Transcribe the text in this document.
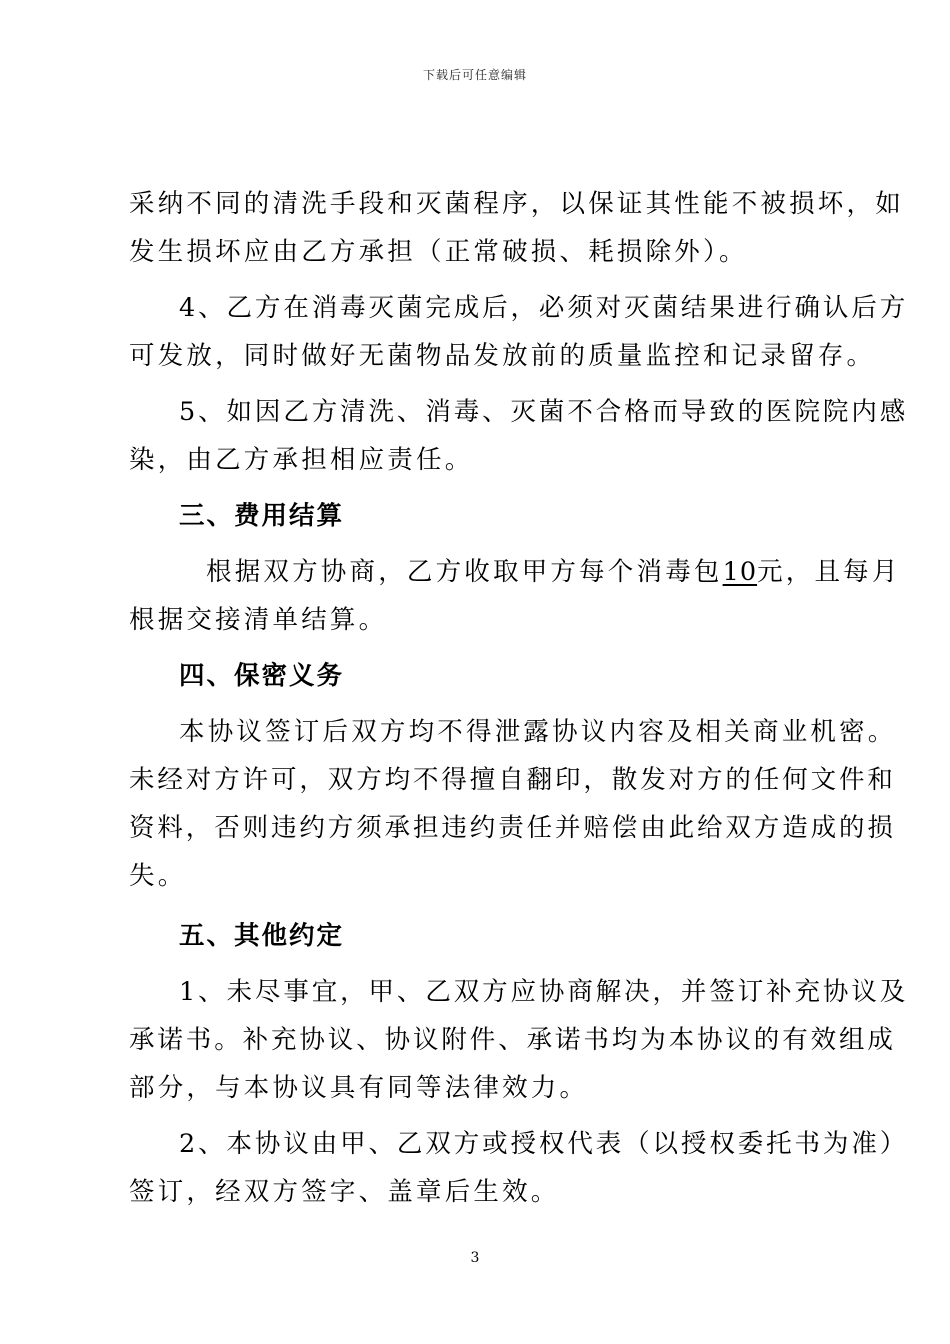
下载后可任意编辑
采纳不同的清洗手段和灭菌程序，以保证其性能不被损坏，如
发生损坏应由乙方承担（正常破损、耗损除外）。
4、乙方在消毒灭菌完成后，必须对灭菌结果进行确认后方
可发放，同时做好无菌物品发放前的质量监控和记录留存。
5、如因乙方清洗、消毒、灭菌不合格而导致的医院院内感
染，由乙方承担相应责任。
三、费用结算
根据双方协商，乙方收取甲方每个消毒包10元，且每月
根据交接清单结算。
四、保密义务
本协议签订后双方均不得泄露协议内容及相关商业机密。
未经对方许可，双方均不得擅自翻印，散发对方的任何文件和
资料，否则违约方须承担违约责任并赔偿由此给双方造成的损
失。
五、其他约定
1、未尽事宜，甲、乙双方应协商解决，并签订补充协议及
承诺书。补充协议、协议附件、承诺书均为本协议的有效组成
部分，与本协议具有同等法律效力。
2、本协议由甲、乙双方或授权代表（以授权委托书为准）
签订，经双方签字、盖章后生效。
3
